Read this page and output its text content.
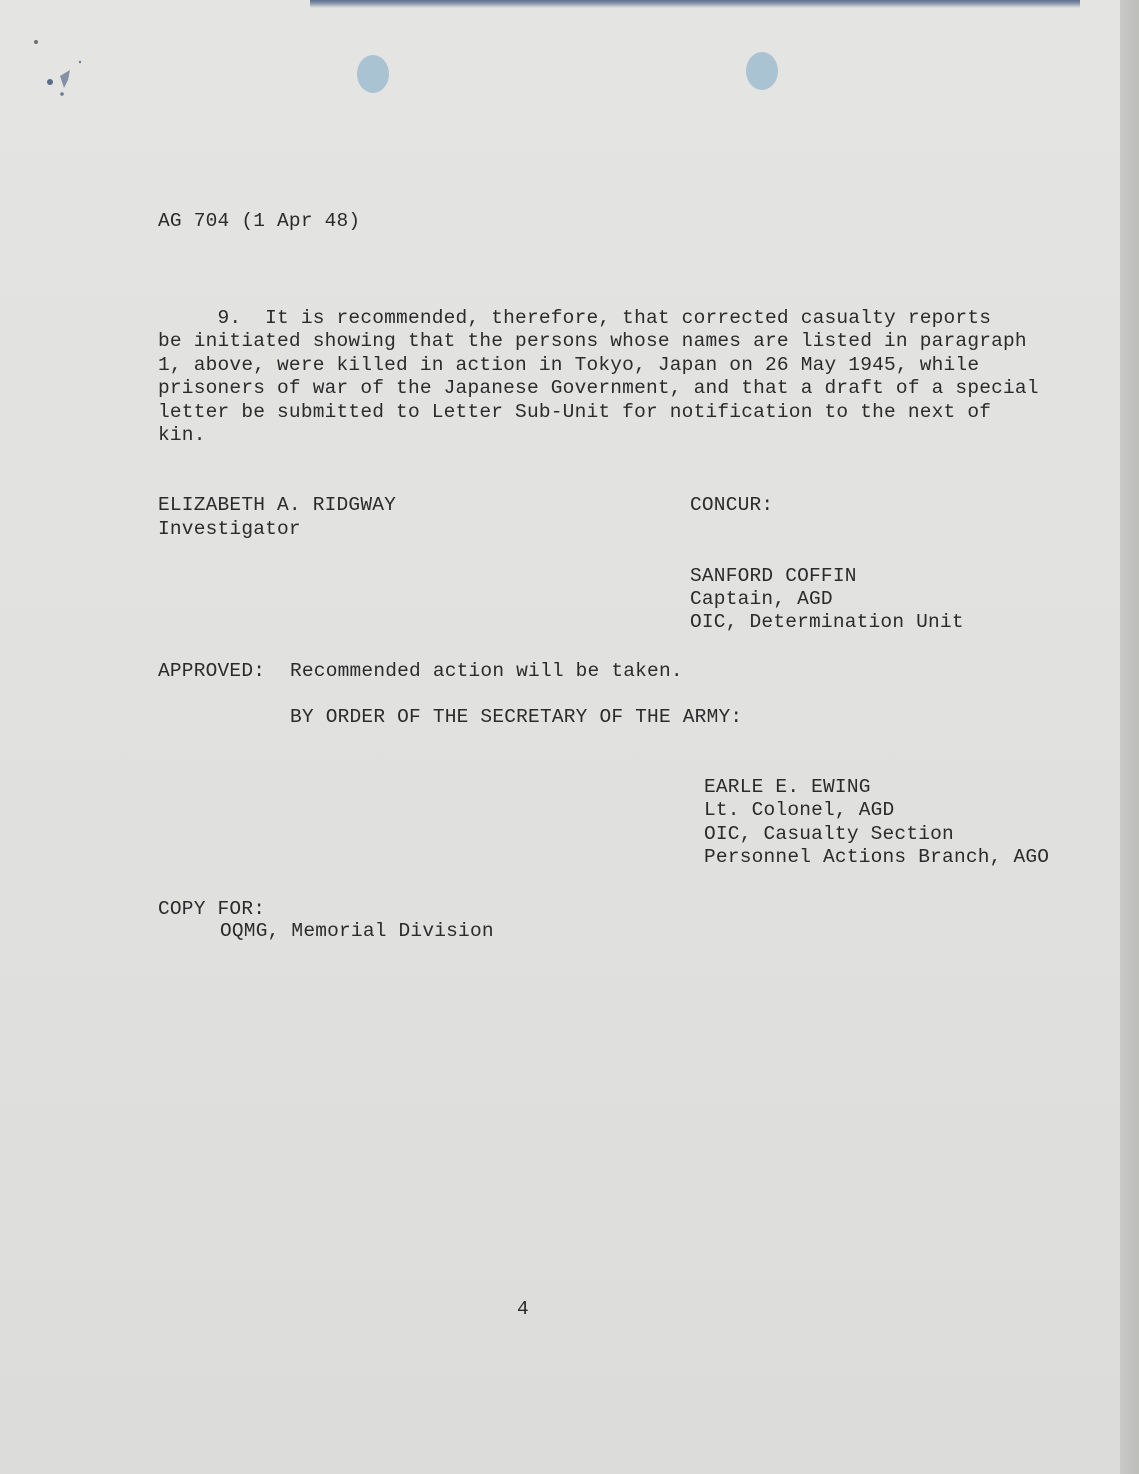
AG 704 (1 Apr 48)

9.  It is recommended, therefore, that corrected casualty reports

be initiated showing that the persons whose names are listed in paragraph

1, above, were killed in action in Tokyo, Japan on 26 May 1945, while

prisoners of war of the Japanese Government, and that a draft of a special

letter be submitted to Letter Sub-Unit for notification to the next of

kin.

ELIZABETH A. RIDGWAY

Investigator

CONCUR:

SANFORD COFFIN

Captain, AGD

OIC, Determination Unit

APPROVED: Recommended action will be taken.

BY ORDER OF THE SECRETARY OF THE ARMY:

EARLE E. EWING

Lt. Colonel, AGD

OIC, Casualty Section

Personnel Actions Branch, AGO

COPY FOR:

OQMG, Memorial Division

4
